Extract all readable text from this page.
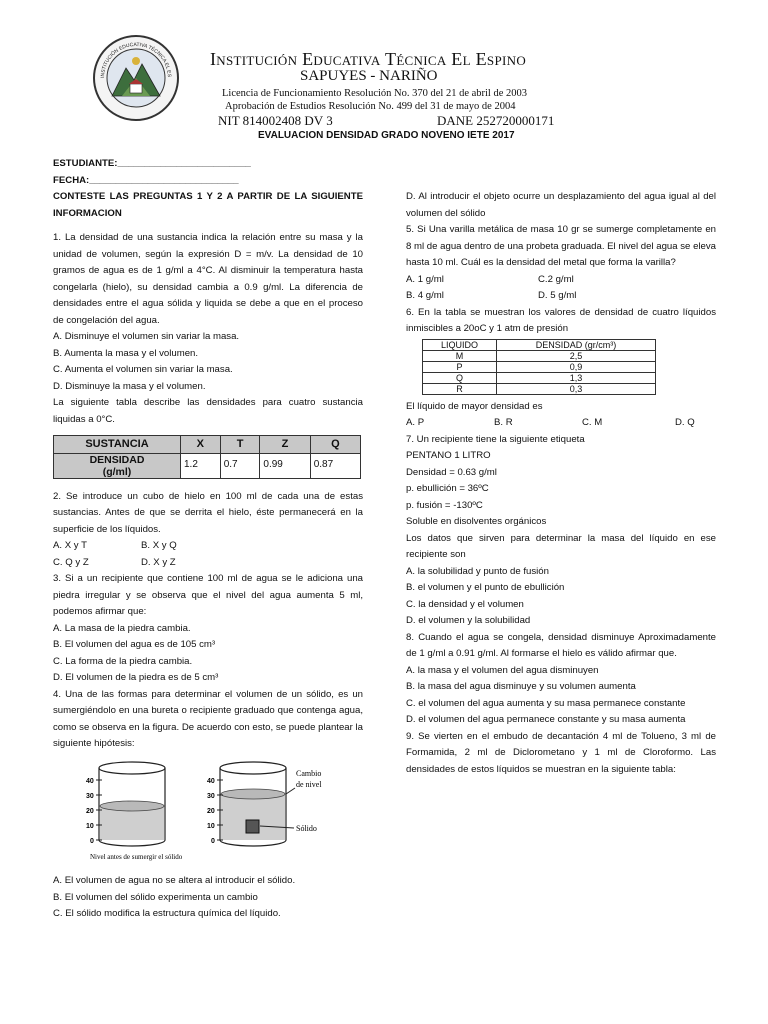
INSTITUCIÓN EDUCATIVA TÉCNICA EL ES
Institución Educativa Técnica El Espino
SAPUYES - NARIÑO
Licencia de Funcionamiento Resolución No. 370 del 21 de abril de 2003
Aprobación de Estudios Resolución No. 499 del 31 de mayo de 2004
NIT 814002408 DV 3	DANE 252720000171
EVALUACION DENSIDAD GRADO NOVENO IETE 2017

ESTUDIANTE:_________________________

FECHA:____________________________

CONTESTE LAS PREGUNTAS 1 Y 2 A PARTIR DE LA SIGUIENTE INFORMACION

1. La densidad de una sustancia indica la relación entre su masa y la unidad de volumen, según la expresión D = m/v. La densidad de 10 gramos de agua es de 1 g/ml a 4°C. Al disminuir la temperatura hasta congelarla (hielo), su densidad cambia a 0.9 g/ml. La diferencia de densidades entre el agua sólida y liquida se debe a que en el proceso de congelación del agua.

A. Disminuye el volumen sin variar la masa.

B. Aumenta la masa y el volumen.

C. Aumenta el volumen sin variar la masa.

D. Disminuye la masa y el volumen.

La siguiente tabla describe las densidades para cuatro sustancia liquidas a 0°C.

SUSTANCIA	X	T	Z	Q
DENSIDAD
(g/ml)	1.2	0.7	0.99	0.87

2. Se introduce un cubo de hielo en 100 ml de cada una de estas sustancias. Antes de que se derrita el hielo, éste permanecerá en la superficie de los líquidos.

A. X y T	B. X y Q
C. Q y Z	D. X y Z

3. Si a un recipiente que contiene 100 ml de agua se le adiciona una piedra irregular y se observa que el nivel del agua aumenta 5 ml, podemos afirmar que:

A. La masa de la piedra cambia.

B. El volumen del agua es de 105 cm³

C. La forma de la piedra cambia.

D. El volumen de la piedra es de 5 cm³

4. Una de las formas para determinar el volumen de un sólido, es un sumergiéndolo en una bureta o recipiente graduado que contenga agua, como se observa en la figura. De acuerdo con esto, se puede plantear la siguiente hipótesis:

40
30
20
10
0
Nivel antes de sumergir el sólido
40
30
20
10
0
Cambio
de nivel
Sólido

A. El volumen de agua no se altera al introducir el sólido.

B. El volumen del sólido experimenta un cambio

C. El sólido modifica la estructura química del líquido.

D. Al introducir el objeto ocurre un desplazamiento del agua igual al del volumen del sólido

5. Si Una varilla metálica de masa 10 gr se sumerge completamente en 8 ml de agua dentro de una probeta graduada. El nivel del agua se eleva hasta 10 ml. Cuál es la densidad del metal que forma la varilla?

A. 1 g/ml	C.2 g/ml
B. 4 g/ml	D. 5 g/ml

6. En la tabla se muestran los valores de densidad de cuatro líquidos inmiscibles a 20oC y 1 atm de presión

LIQUIDO	DENSIDAD (gr/cm³)
M	2,5
P	0,9
Q	1,3
R	0,3

El líquido de mayor densidad es

A. P	B. R	C. M	D. Q

7. Un recipiente tiene la siguiente etiqueta

PENTANO 1 LITRO

Densidad = 0.63 g/ml

p. ebullición = 36ºC

p. fusión = -130ºC

Soluble en disolventes orgánicos

Los datos que sirven para determinar la masa del líquido en ese recipiente son

A. la solubilidad y punto de fusión

B. el volumen y el punto de ebullición

C. la densidad y el volumen

D. el volumen y la solubilidad

8. Cuando el agua se congela, densidad disminuye Aproximadamente de 1 g/ml a 0.91 g/ml. Al formarse el hielo es válido afirmar que.

A. la masa y el volumen del agua disminuyen

B. la masa del agua disminuye y su volumen aumenta

C. el volumen del agua aumenta y su masa permanece constante

D. el volumen del agua permanece constante y su masa aumenta

9. Se vierten en el embudo de decantación 4 ml de Tolueno, 3 ml de Formamida, 2 ml de Diclorometano y 1 ml de Cloroformo. Las densidades de estos líquidos se muestran en la siguiente tabla:
